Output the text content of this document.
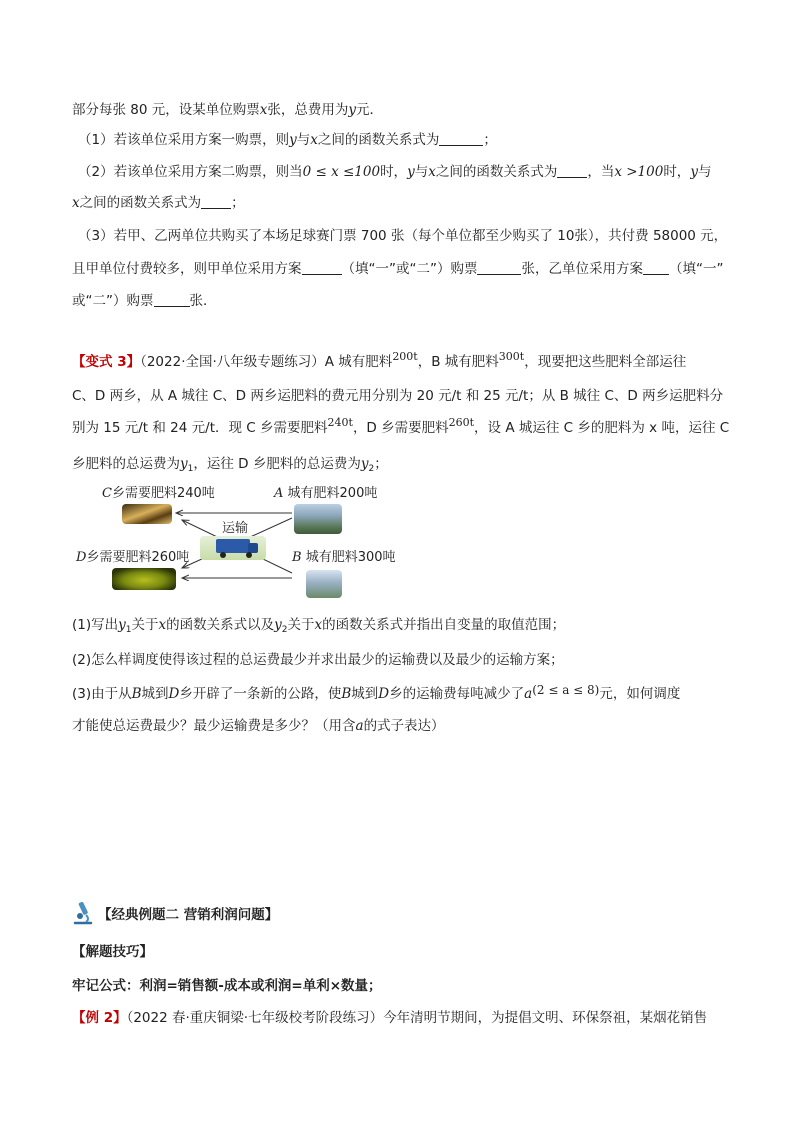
部分每张 80 元，设某单位购票x张，总费用为y元．
（1）若该单位采用方案一购票，则y与x之间的函数关系式为	；
（2）若该单位采用方案二购票，则当0 ≤ x ≤100时，y与x之间的函数关系式为 ，当x >100时，y与
x之间的函数关系式为 ；
（3）若甲、乙两单位共购买了本场足球赛门票 700 张（每个单位都至少购买了 10张），共付费 58000 元，
且甲单位付费较多，则甲单位采用方案	（填“一”或“二”）购票	张，乙单位采用方案 （填“一”
或“二”）购票	张．
【变式 3】（2022·全国·八年级专题练习）A 城有肥料$^{200t}$，B 城有肥料$^{300t}$，现要把这些肥料全部运往
C、D 两乡，从 A 城往 C、D 两乡运肥料的费元用分别为 20 元/t 和 25 元/t；从 B 城往 C、D 两乡运肥料分
别为 15 元/t 和 24 元/t．现 C 乡需要肥料$^{240t}$，D 乡需要肥料$^{260t}$，设 A 城运往 C 乡的肥料为 x 吨，运往 C
乡肥料的总运费为$y_1$，运往 D 乡肥料的总运费为$y_2$；
C乡需要肥料240吨	A 城有肥料200吨
运输
D乡需要肥料260吨	B 城有肥料300吨
(1)写出$y_1$关于x的函数关系式以及$y_2$关于x的函数关系式并指出自变量的取值范围；
(2)怎么样调度使得该过程的总运费最少并求出最少的运输费以及最少的运输方案；
(3)由于从B城到D乡开辟了一条新的公路，使B城到D乡的运输费每吨减少了a(2 ≤ a ≤ 8)元，如何调度
才能使总运费最少？最少运输费是多少？（用含a的式子表达）
【经典例题二 营销利润问题】
【解题技巧】
牢记公式：利润=销售额-成本或利润=单利×数量；
【例 2】（2022 春·重庆铜梁·七年级校考阶段练习）今年清明节期间，为提倡文明、环保祭祖，某烟花销售
